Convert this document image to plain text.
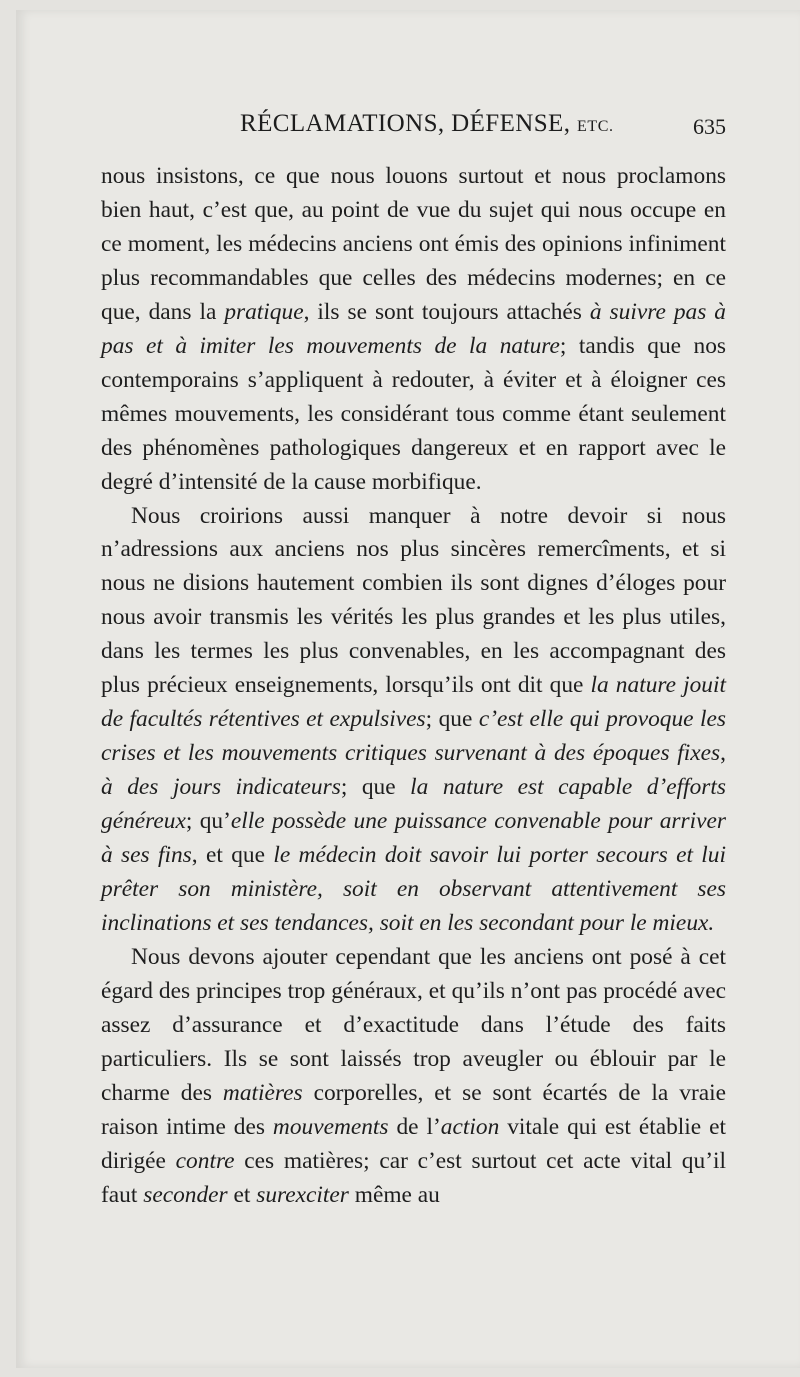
RÉCLAMATIONS, DÉFENSE, ETC.	635

nous insistons, ce que nous louons surtout et nous proclamons bien haut, c’est que, au point de vue du sujet qui nous occupe en ce moment, les médecins anciens ont émis des opinions infiniment plus recommandables que celles des médecins modernes; en ce que, dans la pratique, ils se sont toujours attachés à suivre pas à pas et à imiter les mouvements de la nature; tandis que nos contemporains s’appliquent à redouter, à éviter et à éloigner ces mêmes mouvements, les considérant tous comme étant seulement des phénomènes pathologiques dangereux et en rapport avec le degré d’intensité de la cause morbifique.

Nous croirions aussi manquer à notre devoir si nous n’adressions aux anciens nos plus sincères remercîments, et si nous ne disions hautement combien ils sont dignes d’éloges pour nous avoir transmis les vérités les plus grandes et les plus utiles, dans les termes les plus convenables, en les accompagnant des plus précieux enseignements, lorsqu’ils ont dit que la nature jouit de facultés rétentives et expulsives; que c’est elle qui provoque les crises et les mouvements critiques survenant à des époques fixes, à des jours indicateurs; que la nature est capable d’efforts généreux; qu’elle possède une puissance convenable pour arriver à ses fins, et que le médecin doit savoir lui porter secours et lui prêter son ministère, soit en observant attentivement ses inclinations et ses tendances, soit en les secondant pour le mieux.

Nous devons ajouter cependant que les anciens ont posé à cet égard des principes trop généraux, et qu’ils n’ont pas procédé avec assez d’assurance et d’exactitude dans l’étude des faits particuliers. Ils se sont laissés trop aveugler ou éblouir par le charme des matières corporelles, et se sont écartés de la vraie raison intime des mouvements de l’action vitale qui est établie et dirigée contre ces matières; car c’est surtout cet acte vital qu’il faut seconder et surexciter même au
